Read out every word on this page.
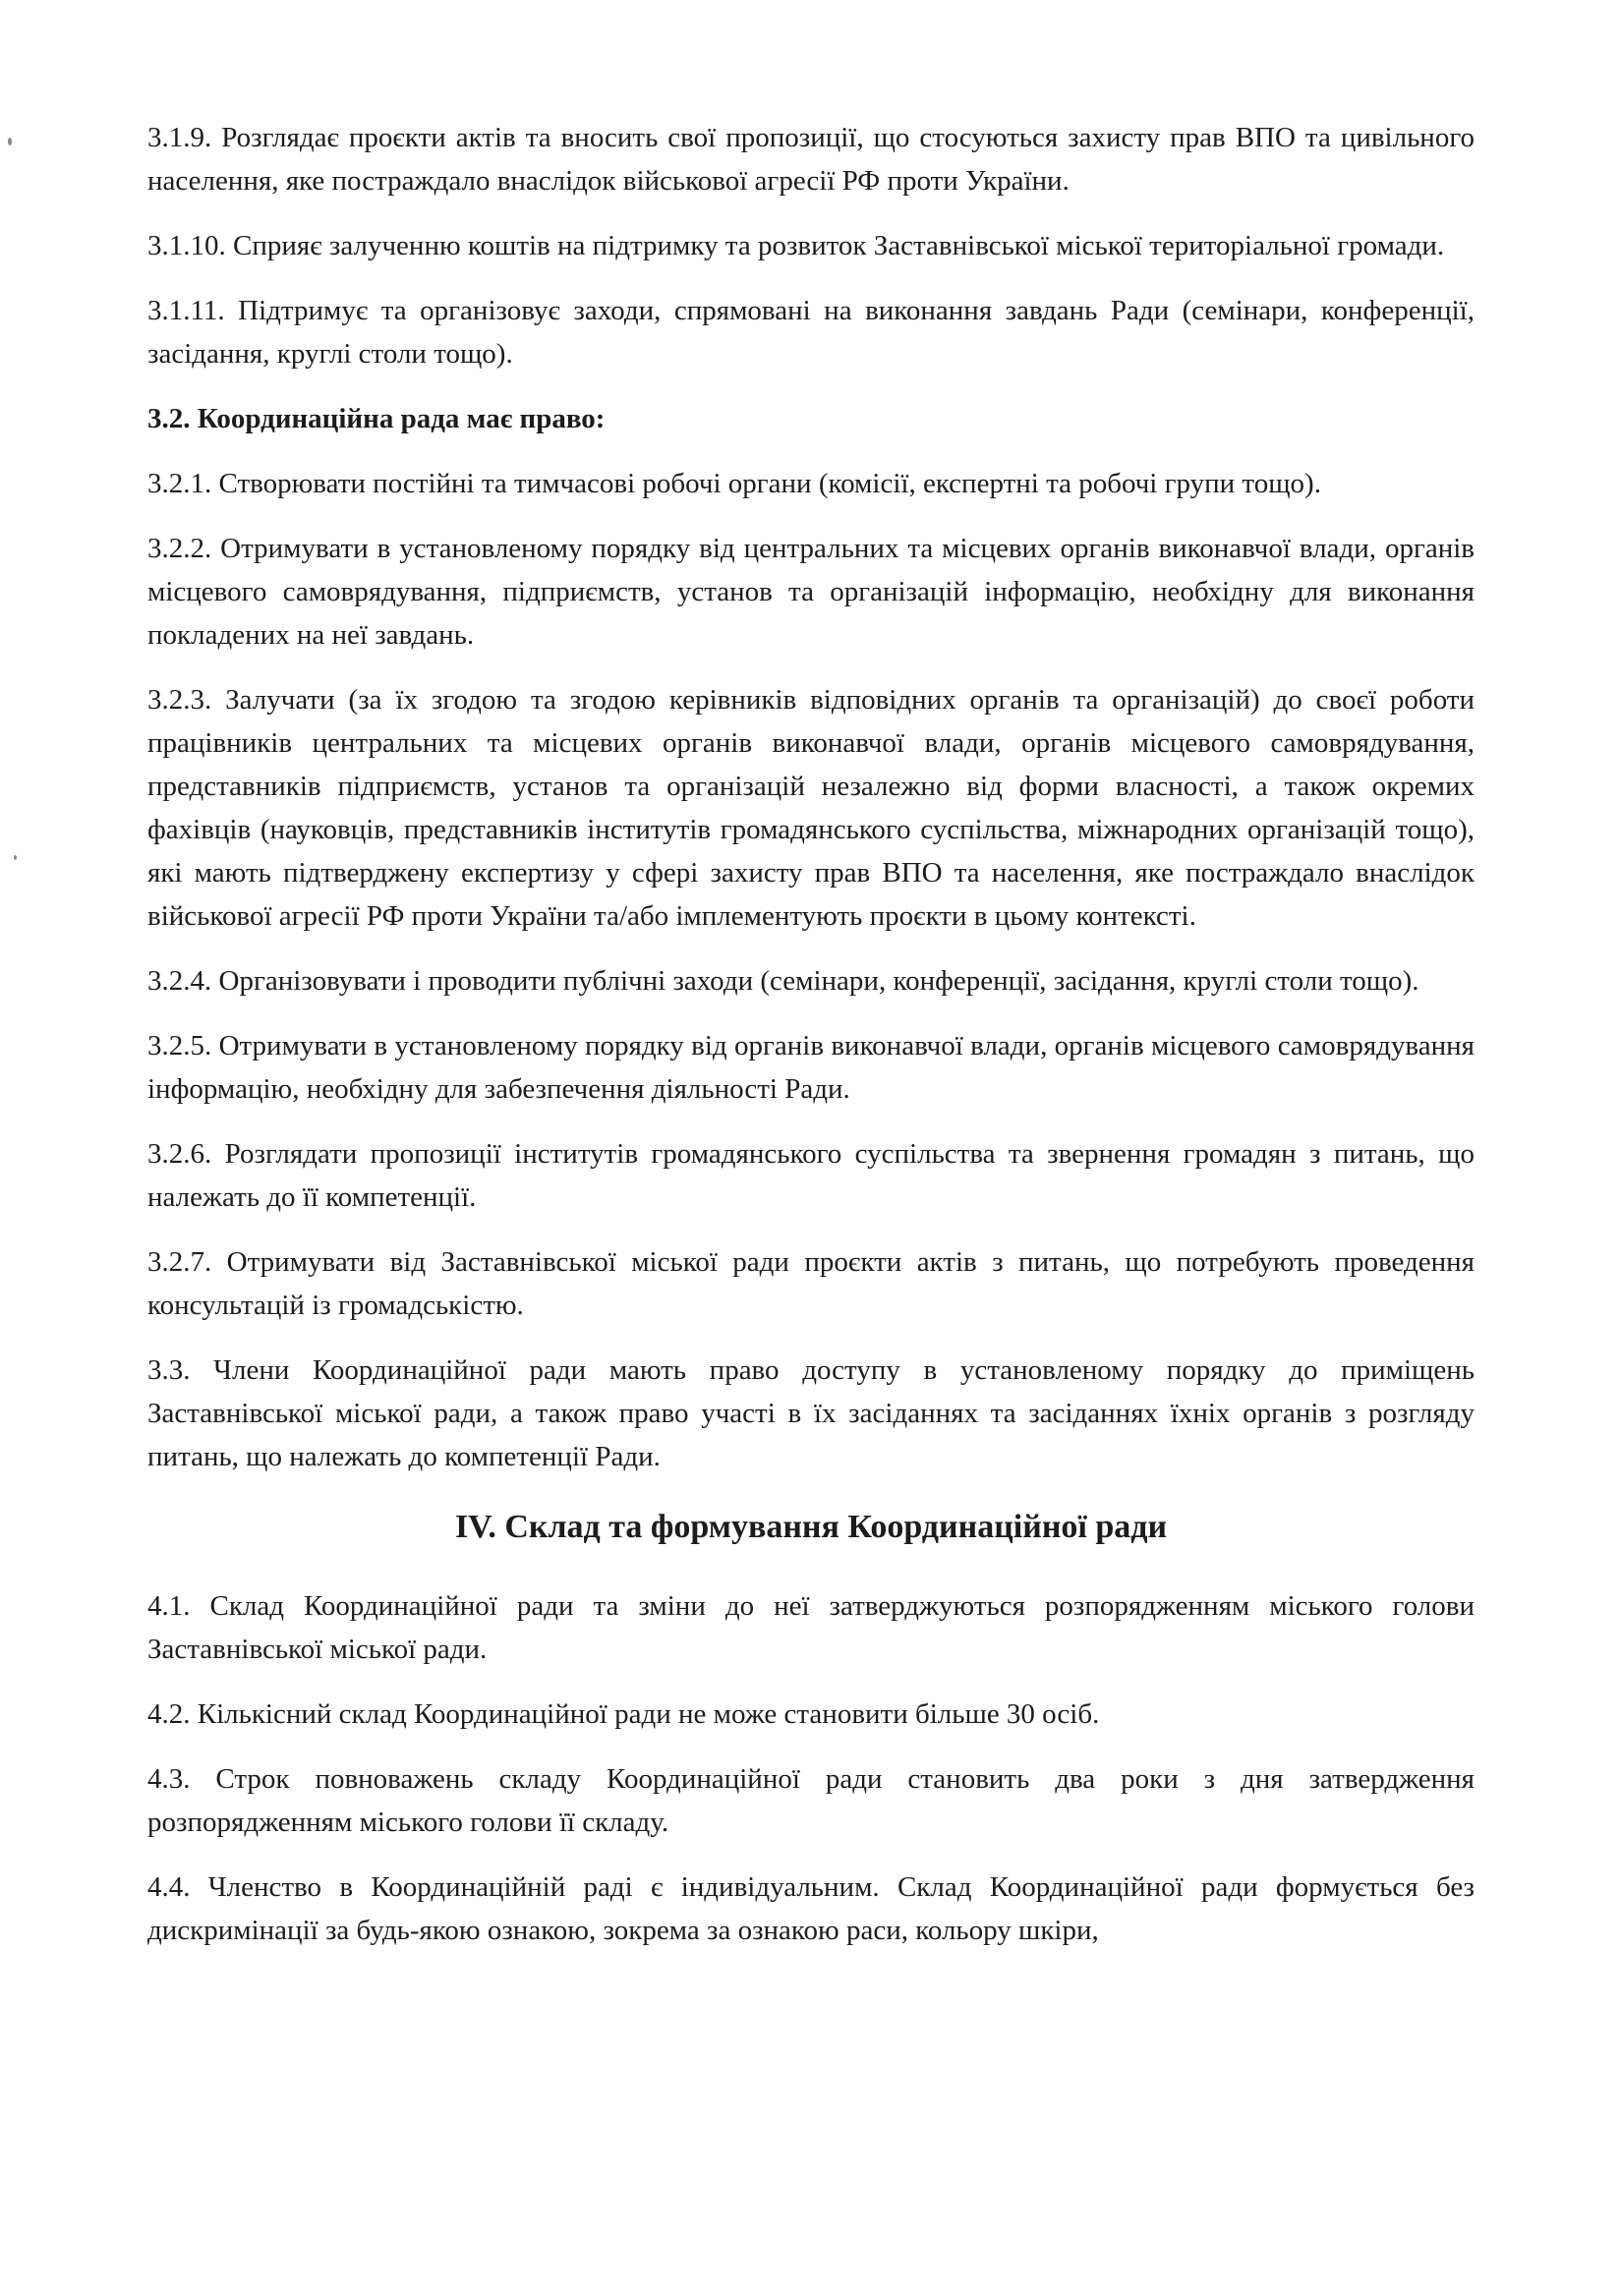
3.1.9. Розглядає проєкти актів та вносить свої пропозиції, що стосуються захисту прав ВПО та цивільного населення, яке постраждало внаслідок військової агресії РФ проти України.

3.1.10. Сприяє залученню коштів на підтримку та розвиток Заставнівської міської територіальної громади.

3.1.11. Підтримує та організовує заходи, спрямовані на виконання завдань Ради (семінари, конференції, засідання, круглі столи тощо).

3.2. Координаційна рада має право:

3.2.1. Створювати постійні та тимчасові робочі органи (комісії, експертні та робочі групи тощо).

3.2.2. Отримувати в установленому порядку від центральних та місцевих органів виконавчої влади, органів місцевого самоврядування, підприємств, установ та організацій інформацію, необхідну для виконання покладених на неї завдань.

3.2.3. Залучати (за їх згодою та згодою керівників відповідних органів та організацій) до своєї роботи працівників центральних та місцевих органів виконавчої влади, органів місцевого самоврядування, представників підприємств, установ та організацій незалежно від форми власності, а також окремих фахівців (науковців, представників інститутів громадянського суспільства, міжнародних організацій тощо), які мають підтверджену експертизу у сфері захисту прав ВПО та населення, яке постраждало внаслідок військової агресії РФ проти України та/або імплементують проєкти в цьому контексті.

3.2.4. Організовувати і проводити публічні заходи (семінари, конференції, засідання, круглі столи тощо).

3.2.5. Отримувати в установленому порядку від органів виконавчої влади, органів місцевого самоврядування інформацію, необхідну для забезпечення діяльності Ради.

3.2.6. Розглядати пропозиції інститутів громадянського суспільства та звернення громадян з питань, що належать до її компетенції.

3.2.7. Отримувати від Заставнівської міської ради проєкти актів з питань, що потребують проведення консультацій із громадськістю.

3.3. Члени Координаційної ради мають право доступу в установленому порядку до приміщень Заставнівської міської ради, а також право участі в їх засіданнях та засіданнях їхніх органів з розгляду питань, що належать до компетенції Ради.

IV. Склад та формування Координаційної ради

4.1. Склад Координаційної ради та зміни до неї затверджуються розпорядженням міського голови Заставнівської міської ради.

4.2. Кількісний склад Координаційної ради не може становити більше 30 осіб.

4.3. Строк повноважень складу Координаційної ради становить два роки з дня затвердження розпорядженням міського голови її складу.

4.4. Членство в Координаційній раді є індивідуальним. Склад Координаційної ради формується без дискримінації за будь-якою ознакою, зокрема за ознакою раси, кольору шкіри,
